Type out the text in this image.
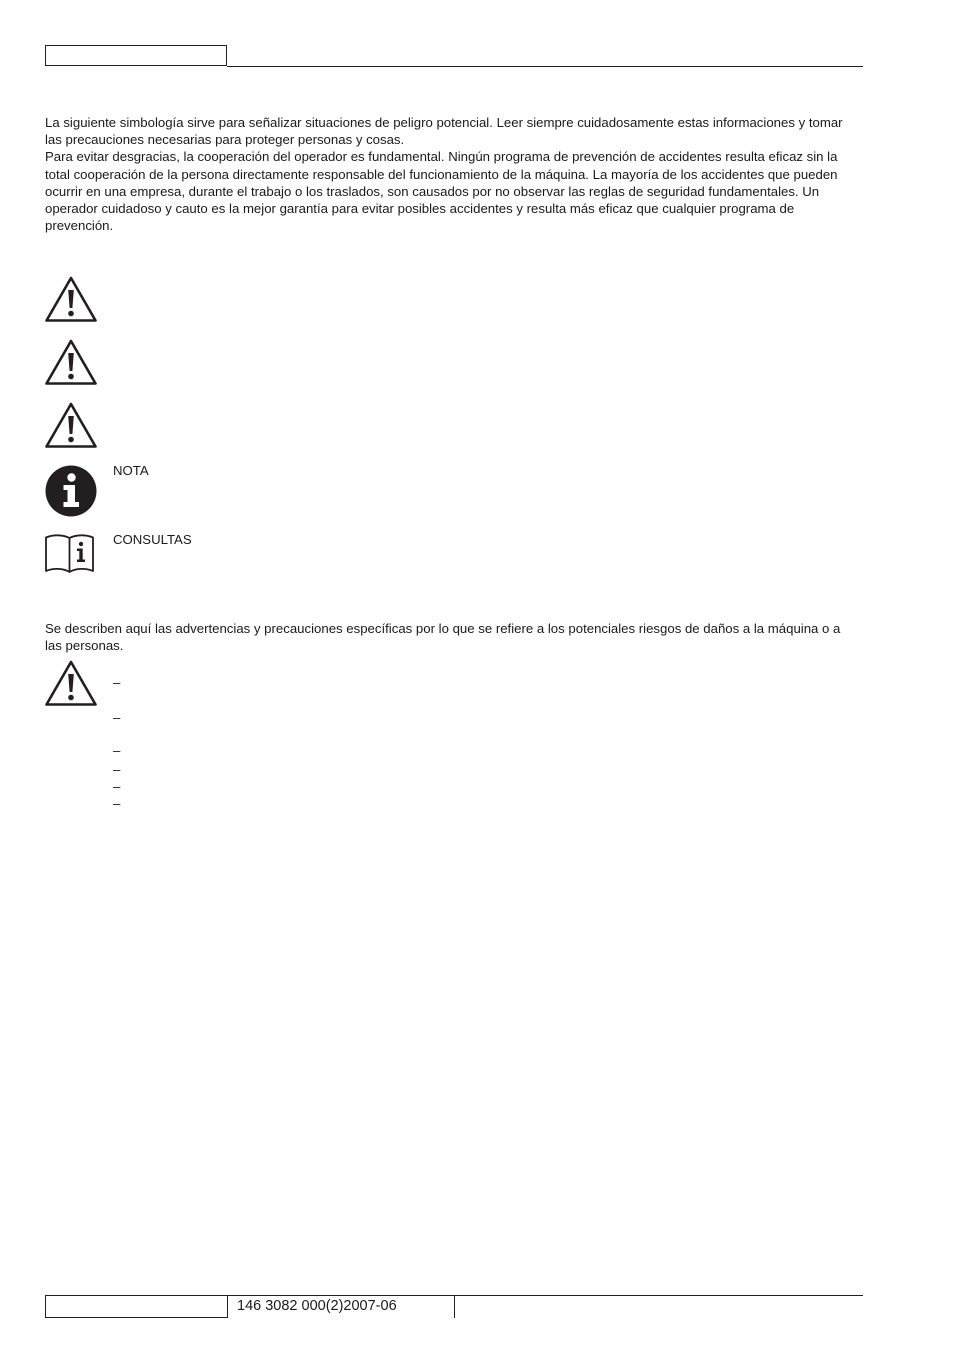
La siguiente simbología sirve para señalizar situaciones de peligro potencial. Leer siempre cuidadosamente estas informaciones y tomar las precauciones necesarias para proteger personas y cosas.

Para evitar desgracias, la cooperación del operador es fundamental. Ningún programa de prevención de accidentes resulta eficaz sin la total cooperación de la persona directamente responsable del funcionamiento de la máquina. La mayoría de los accidentes que pueden ocurrir en una empresa, durante el trabajo o los traslados, son causados por no observar las reglas de seguridad fundamentales. Un operador cuidadoso y cauto es la mejor garantía para evitar posibles accidentes y resulta más eficaz que cualquier programa de prevención.

NOTA
CONSULTAS

Se describen aquí las advertencias y precauciones específicas por lo que se refiere a los potenciales riesgos de daños a la máquina o a las personas.

–
–
–
–
–
–
146 3082 000(2)2007-06
